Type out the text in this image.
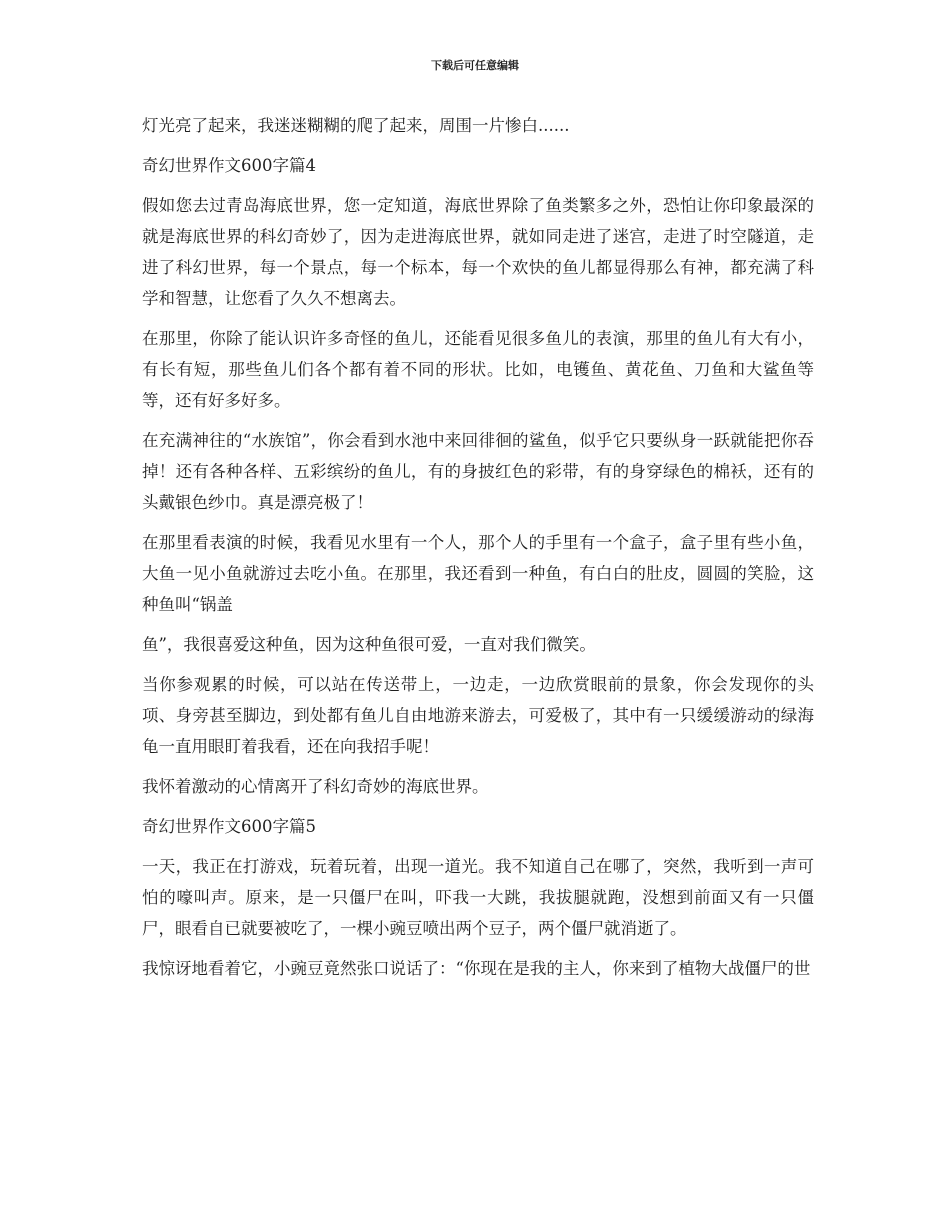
下载后可任意编辑

灯光亮了起来，我迷迷糊糊的爬了起来，周围一片惨白......

奇幻世界作文600字篇4

假如您去过青岛海底世界，您一定知道，海底世界除了鱼类繁多之外，恐怕让你印象最深的就是海底世界的科幻奇妙了，因为走进海底世界，就如同走进了迷宫，走进了时空隧道，走进了科幻世界，每一个景点，每一个标本，每一个欢快的鱼儿都显得那么有神，都充满了科学和智慧，让您看了久久不想离去。

在那里，你除了能认识许多奇怪的鱼儿，还能看见很多鱼儿的表演，那里的鱼儿有大有小，有长有短，那些鱼儿们各个都有着不同的形状。比如，电镬鱼、黄花鱼、刀鱼和大鲨鱼等等，还有好多好多。

在充满神往的“水族馆”，你会看到水池中来回徘徊的鲨鱼，似乎它只要纵身一跃就能把你吞掉！还有各种各样、五彩缤纷的鱼儿，有的身披红色的彩带，有的身穿绿色的棉袄，还有的头戴银色纱巾。真是漂亮极了！

在那里看表演的时候，我看见水里有一个人，那个人的手里有一个盒子，盒子里有些小鱼，大鱼一见小鱼就游过去吃小鱼。在那里，我还看到一种鱼，有白白的肚皮，圆圆的笑脸，这种鱼叫“锅盖

鱼”，我很喜爱这种鱼，因为这种鱼很可爱，一直对我们微笑。

当你参观累的时候，可以站在传送带上，一边走，一边欣赏眼前的景象，你会发现你的头项、身旁甚至脚边，到处都有鱼儿自由地游来游去，可爱极了，其中有一只缓缓游动的绿海龟一直用眼盯着我看，还在向我招手呢！

我怀着激动的心情离开了科幻奇妙的海底世界。

奇幻世界作文600字篇5

一天，我正在打游戏，玩着玩着，出现一道光。我不知道自己在哪了，突然，我听到一声可怕的嚎叫声。原来，是一只僵尸在叫，吓我一大跳，我拔腿就跑，没想到前面又有一只僵尸，眼看自已就要被吃了，一棵小豌豆喷出两个豆子，两个僵尸就消逝了。

我惊讶地看着它，小豌豆竟然张口说话了：“你现在是我的主人，你来到了植物大战僵尸的世
